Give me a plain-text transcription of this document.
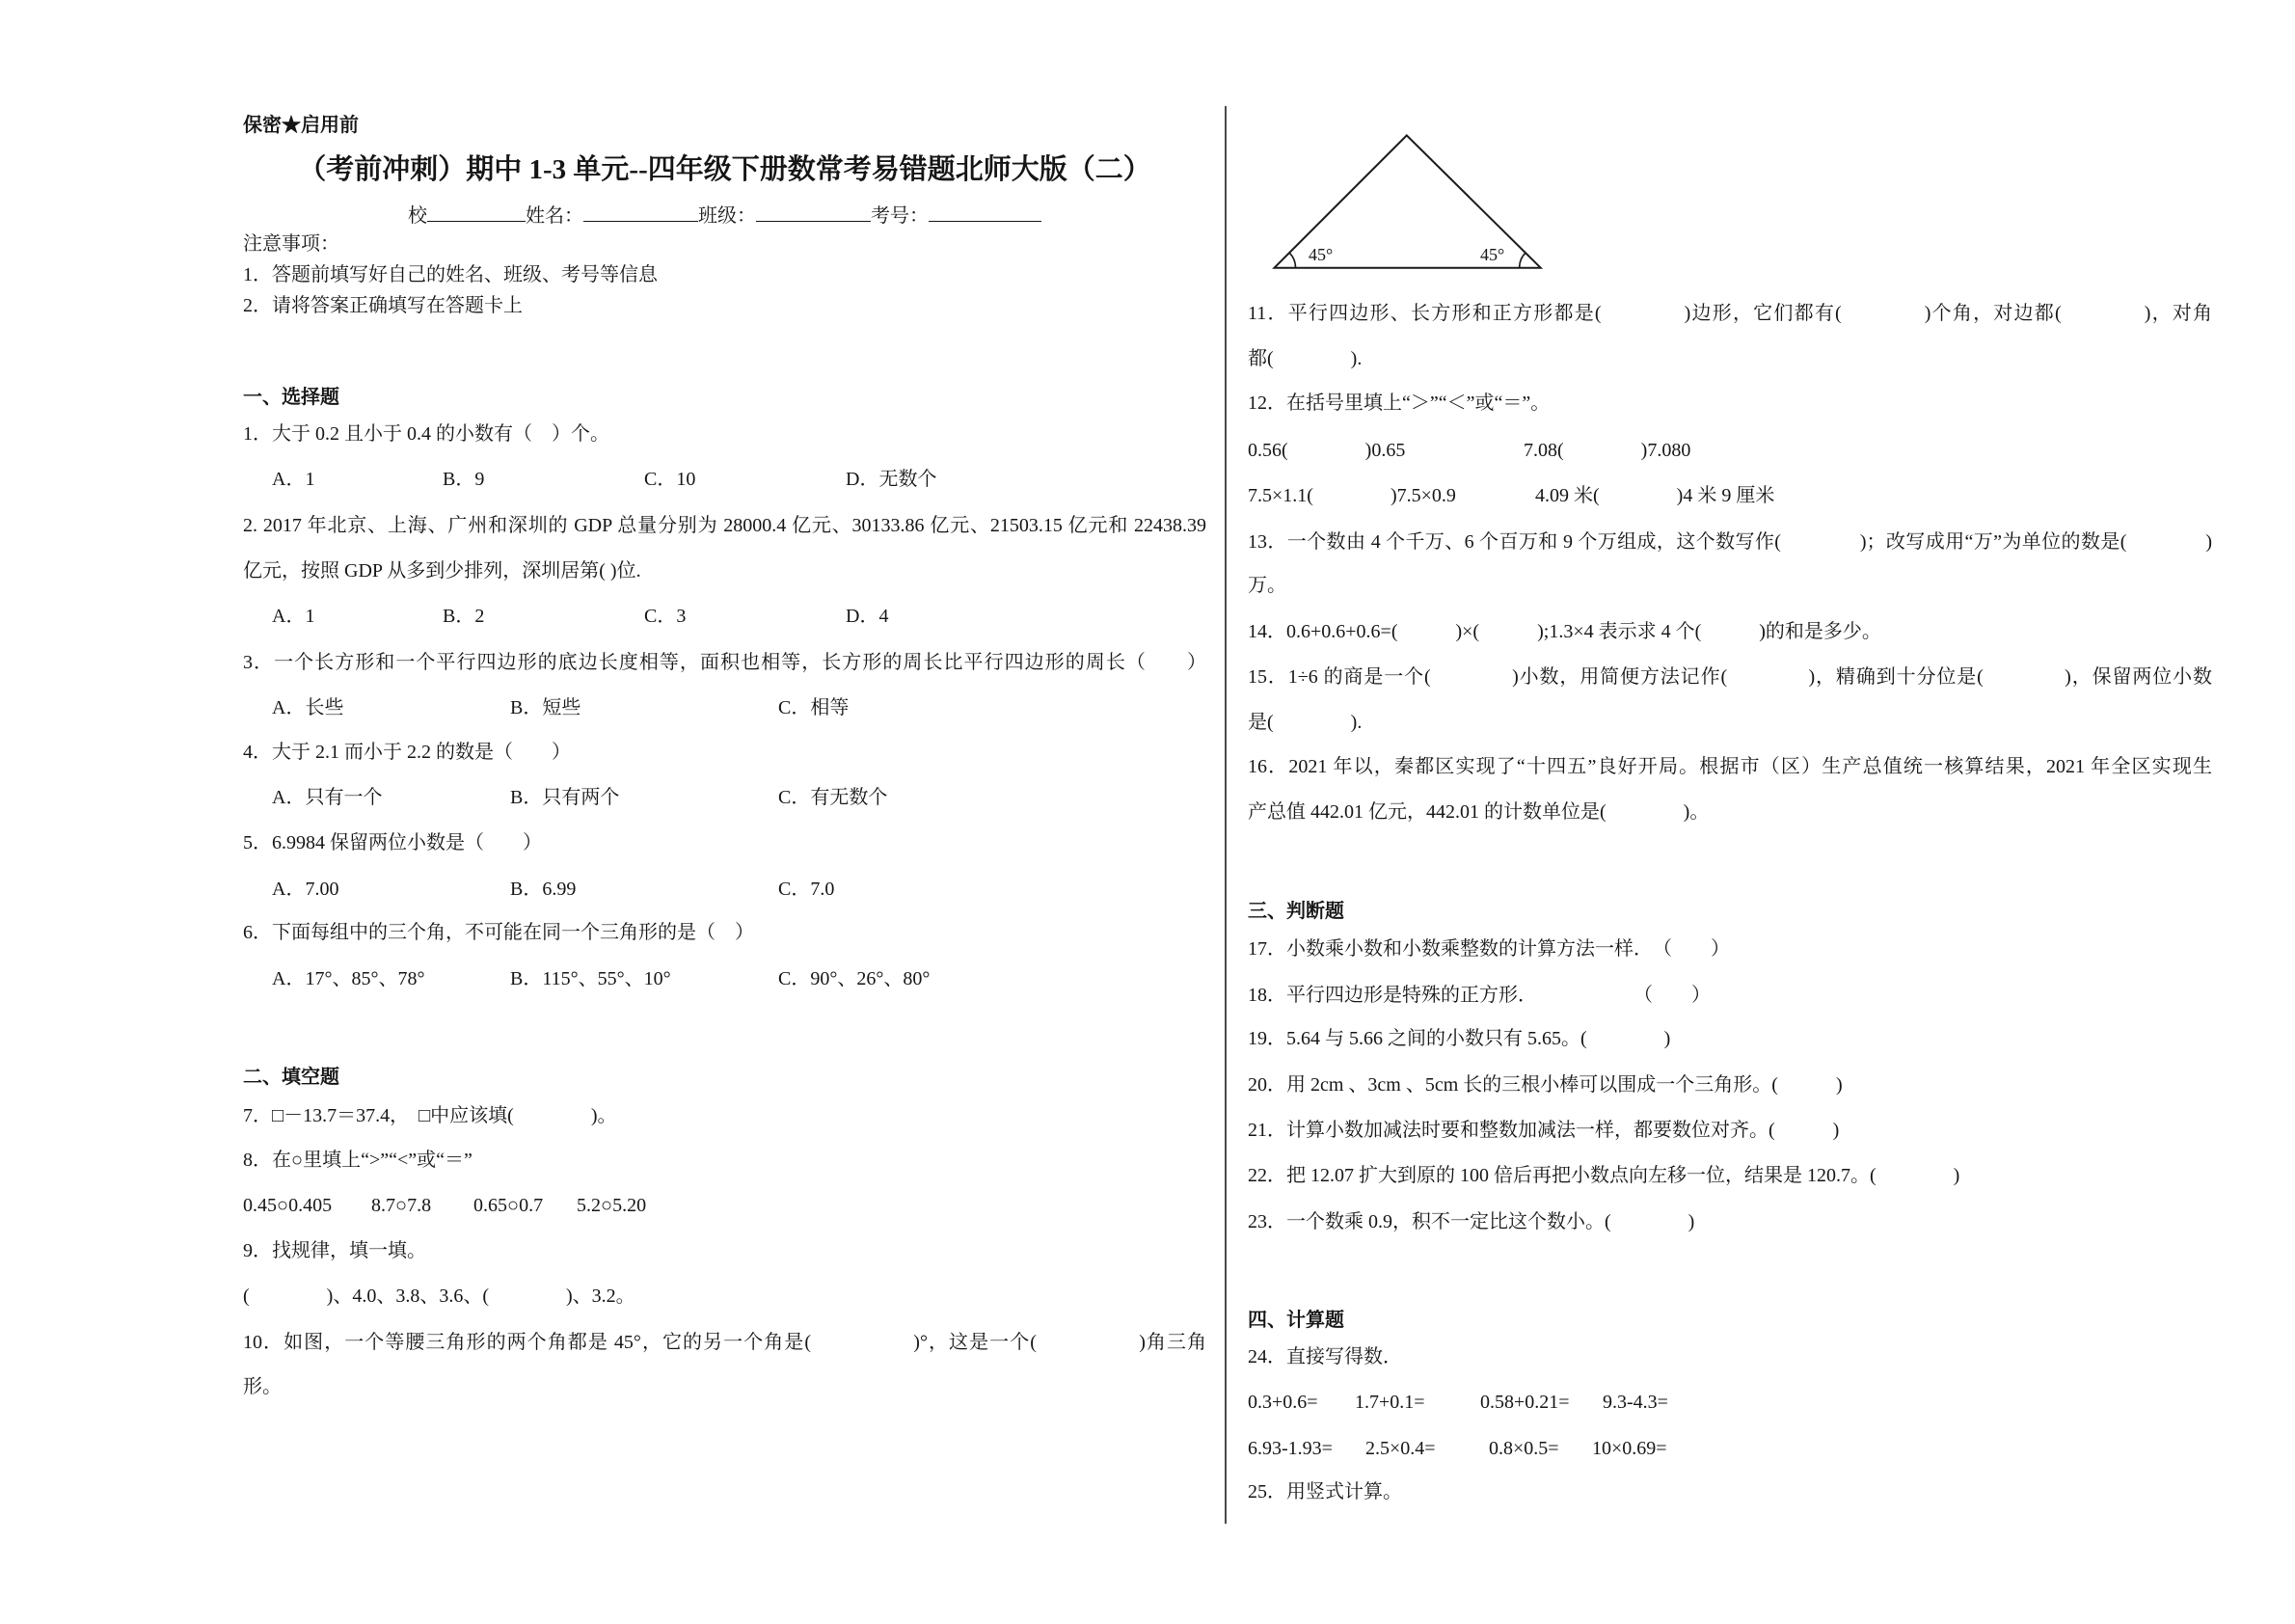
保密★启用前
（考前冲刺）期中 1-3 单元--四年级下册数常考易错题北师大版（二）
校	姓名：	班级：	考号：
注意事项：
1．答题前填写好自己的姓名、班级、考号等信息
2．请将答案正确填写在答题卡上
一、选择题
1．大于 0.2 且小于 0.4 的小数有（　）个。
A．1	B．9	C．10	D．无数个
2. 2017 年北京、上海、广州和深圳的 GDP 总量分别为 28000.4 亿元、30133.86 亿元、21503.15 亿元和 22438.39
亿元，按照 GDP 从多到少排列，深圳居第( )位.
A．1	B．2	C．3	D．4
3．一个长方形和一个平行四边形的底边长度相等，面积也相等，长方形的周长比平行四边形的周长（　　）
A．长些	B．短些	C．相等
4．大于 2.1 而小于 2.2 的数是（　　）
A．只有一个	B．只有两个	C．有无数个
5．6.9984 保留两位小数是（　　）
A．7.00	B．6.99	C．7.0
6．下面每组中的三个角，不可能在同一个三角形的是（　）
A．17°、85°、78°	B．115°、55°、10°	C．90°、26°、80°
二、填空题
7．□－13.7＝37.4，　□中应该填(　　　　)。
8．在○里填上“>”“<”或“＝”
0.45○0.405 8.7○7.8 0.65○0.7 5.2○5.20
9．找规律，填一填。
(　　　　)、4.0、3.8、3.6、(　　　　)、3.2。
10．如图，一个等腰三角形的两个角都是 45°，它的另一个角是(　　　　　)°，这是一个(　　　　　)角三角
形。
45°	45°
11．平行四边形、长方形和正方形都是(　　　　)边形，它们都有(　　　　)个角，对边都(　　　　)，对角
都(　　　　).
12．在括号里填上“＞”“＜”或“＝”。
0.56(　　　　)0.65	7.08(　　　　)7.080
7.5×1.1(　　　　)7.5×0.9	4.09 米(　　　　)4 米 9 厘米
13．一个数由 4 个千万、6 个百万和 9 个万组成，这个数写作(　　　　)；改写成用“万”为单位的数是(　　　　)
万。
14．0.6+0.6+0.6=(　　　)×(　　　);1.3×4 表示求 4 个(　　　)的和是多少。
15．1÷6 的商是一个(　　　　)小数，用简便方法记作(　　　　)，精确到十分位是(　　　　)，保留两位小数
是(　　　　).
16．2021 年以，秦都区实现了“十四五”良好开局。根据市（区）生产总值统一核算结果，2021 年全区实现生
产总值 442.01 亿元，442.01 的计数单位是(　　　　)。
三、判断题
17．小数乘小数和小数乘整数的计算方法一样．　（　　）
18．平行四边形是特殊的正方形．　　　　　　（　　）
19．5.64 与 5.66 之间的小数只有 5.65。(　　　　)
20．用 2cm 、3cm 、5cm 长的三根小棒可以围成一个三角形。(　　　)
21．计算小数加减法时要和整数加减法一样，都要数位对齐。(　　　)
22．把 12.07 扩大到原的 100 倍后再把小数点向左移一位，结果是 120.7。(　　　　)
23．一个数乘 0.9，积不一定比这个数小。(　　　　)
四、计算题
24．直接写得数．
0.3+0.6= 1.7+0.1=	0.58+0.21= 9.3-4.3=
6.93-1.93= 2.5×0.4=	0.8×0.5= 10×0.69=
25．用竖式计算。
